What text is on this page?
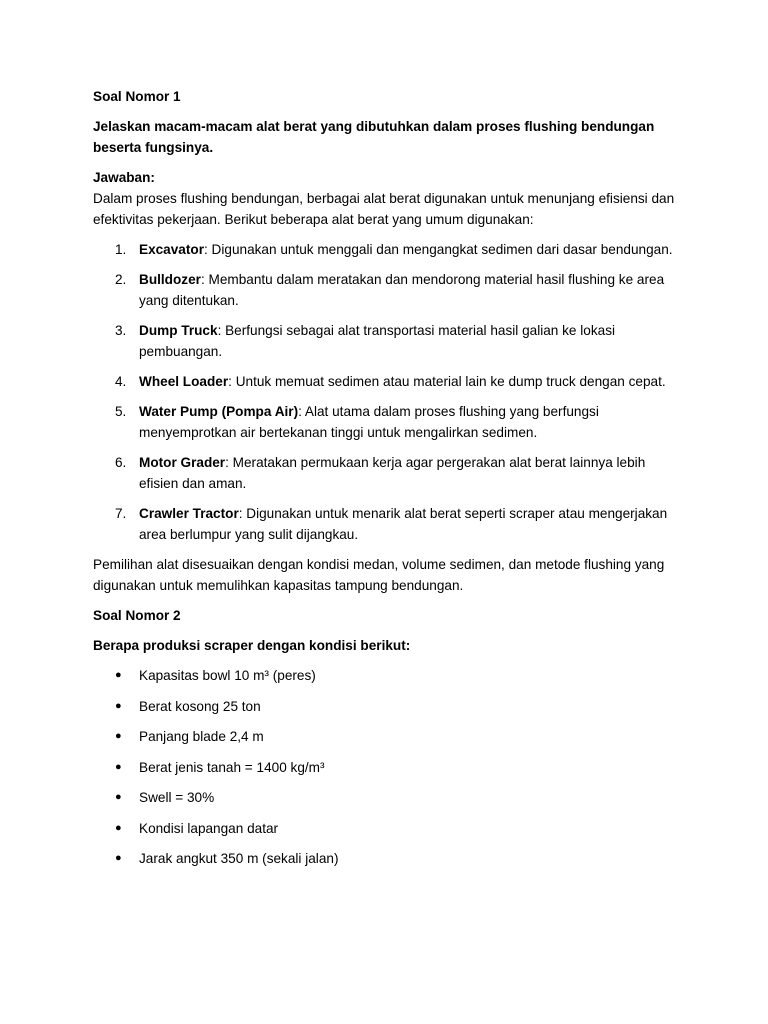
Soal Nomor 1
Jelaskan macam-macam alat berat yang dibutuhkan dalam proses flushing bendungan beserta fungsinya.
Jawaban:
Dalam proses flushing bendungan, berbagai alat berat digunakan untuk menunjang efisiensi dan efektivitas pekerjaan. Berikut beberapa alat berat yang umum digunakan:
1. Excavator: Digunakan untuk menggali dan mengangkat sedimen dari dasar bendungan.
2. Bulldozer: Membantu dalam meratakan dan mendorong material hasil flushing ke area yang ditentukan.
3. Dump Truck: Berfungsi sebagai alat transportasi material hasil galian ke lokasi pembuangan.
4. Wheel Loader: Untuk memuat sedimen atau material lain ke dump truck dengan cepat.
5. Water Pump (Pompa Air): Alat utama dalam proses flushing yang berfungsi menyemprotkan air bertekanan tinggi untuk mengalirkan sedimen.
6. Motor Grader: Meratakan permukaan kerja agar pergerakan alat berat lainnya lebih efisien dan aman.
7. Crawler Tractor: Digunakan untuk menarik alat berat seperti scraper atau mengerjakan area berlumpur yang sulit dijangkau.
Pemilihan alat disesuaikan dengan kondisi medan, volume sedimen, dan metode flushing yang digunakan untuk memulihkan kapasitas tampung bendungan.
Soal Nomor 2
Berapa produksi scraper dengan kondisi berikut:
● Kapasitas bowl 10 m³ (peres)
● Berat kosong 25 ton
● Panjang blade 2,4 m
● Berat jenis tanah = 1400 kg/m³
● Swell = 30%
● Kondisi lapangan datar
● Jarak angkut 350 m (sekali jalan)
